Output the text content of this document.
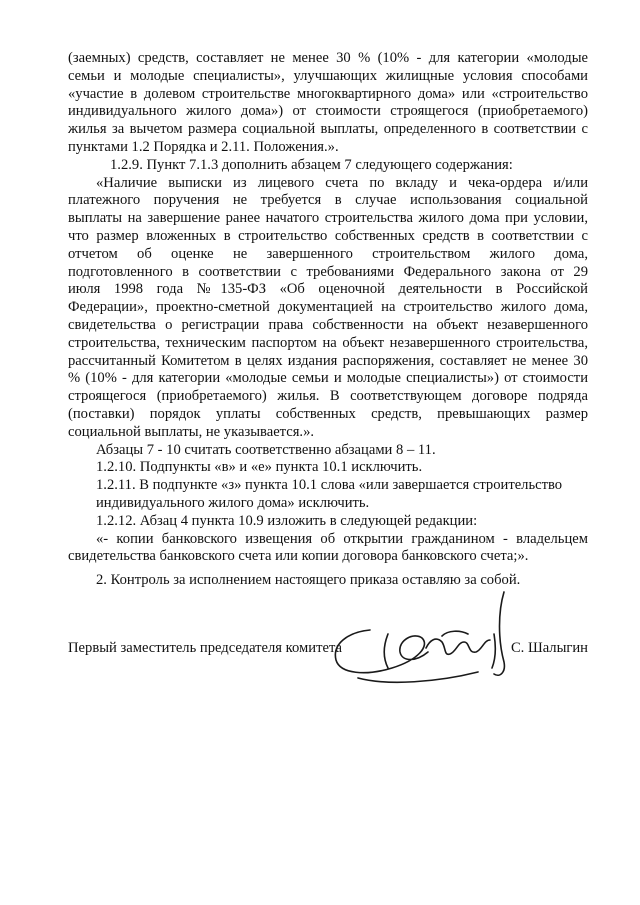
(заемных) средств, составляет не менее 30 % (10% - для категории «молодые
семьи и молодые специалисты», улучшающих жилищные условия способами
«участие в долевом строительстве многоквартирного дома» или «строительство
индивидуального жилого дома») от стоимости строящегося (приобретаемого)
жилья за вычетом размера социальной выплаты, определенного в соответствии с
пунктами 1.2 Порядка и 2.11. Положения.».
1.2.9. Пункт 7.1.3 дополнить абзацем 7 следующего содержания:
«Наличие выписки из лицевого счета по вкладу и чека-ордера и/или
платежного поручения не требуется в случае использования социальной
выплаты на завершение ранее начатого строительства жилого дома при условии,
что размер вложенных в строительство собственных средств в соответствии с
отчетом об оценке не завершенного строительством жилого дома,
подготовленного в соответствии с требованиями Федерального закона от 29
июля 1998 года №135-ФЗ «Об оценочной деятельности в Российской
Федерации», проектно-сметной документацией на строительство жилого дома,
свидетельства о регистрации права собственности на объект незавершенного
строительства, техническим паспортом на объект незавершенного строительства,
рассчитанный Комитетом в целях издания распоряжения, составляет не менее 30
% (10% - для категории «молодые семьи и молодые специалисты») от стоимости
строящегося (приобретаемого) жилья. В соответствующем договоре подряда
(поставки) порядок уплаты собственных средств, превышающих размер
социальной выплаты, не указывается.».
Абзацы 7 - 10 считать соответственно абзацами 8 – 11.
1.2.10. Подпункты «в» и «е» пункта 10.1 исключить.
1.2.11. В подпункте «з» пункта 10.1 слова «или завершается строительство
индивидуального жилого дома» исключить.
1.2.12. Абзац 4 пункта 10.9 изложить в следующей редакции:
«- копии банковского извещения об открытии гражданином - владельцем
свидетельства банковского счета или копии договора банковского счета;».
2. Контроль за исполнением настоящего приказа оставляю за собой.
Первый заместитель председателя комитета	С. Шалыгин
